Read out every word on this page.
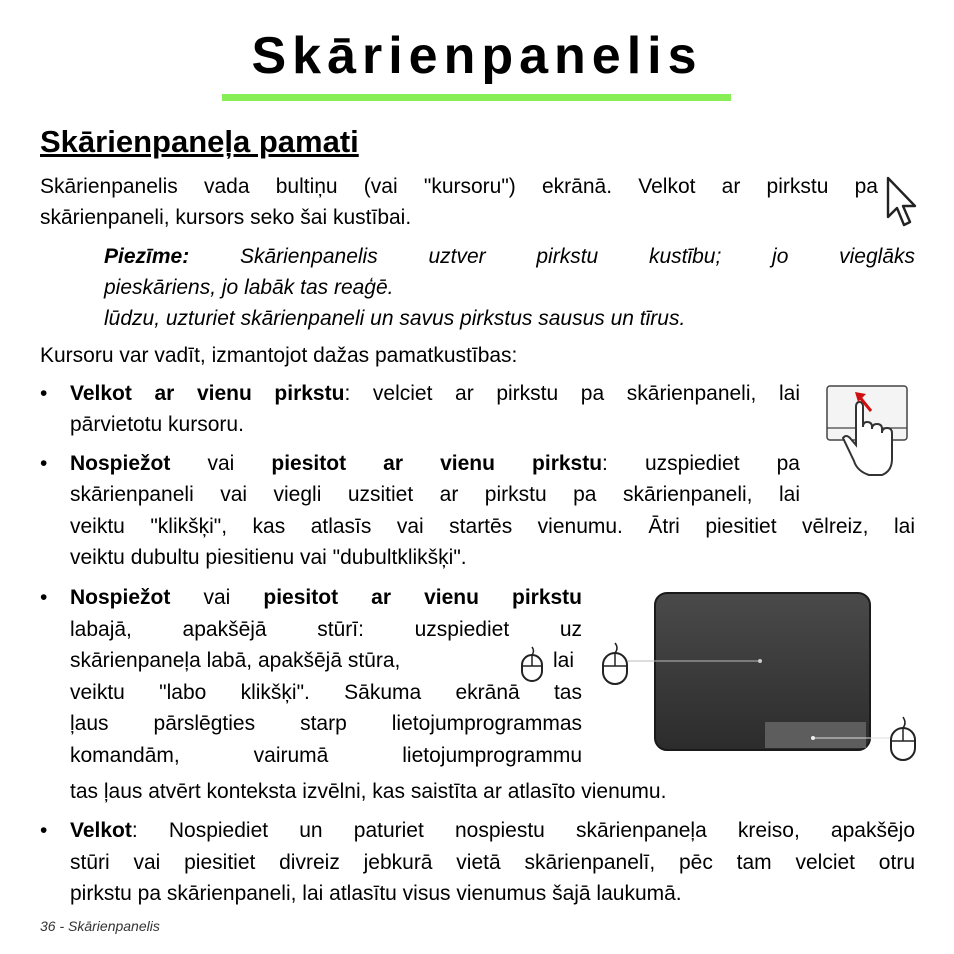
Skārienpanelis
Skārienpaneļa pamati
Skārienpanelis vada bultiņu (vai "kursoru") ekrānā. Velkot ar pirkstu pa
skārienpaneli, kursors seko šai kustībai.
Piezīme: Skārienpanelis uztver pirkstu kustību; jo vieglāks
pieskāriens, jo labāk tas reaģē.
lūdzu, uzturiet skārienpaneli un savus pirkstus sausus un tīrus.
Kursoru var vadīt, izmantojot dažas pamatkustības:
• Velkot ar vienu pirkstu: velciet ar pirkstu pa skārienpaneli, lai
pārvietotu kursoru.
• Nospiežot vai piesitot ar vienu pirkstu: uzspiediet pa
skārienpaneli vai viegli uzsitiet ar pirkstu pa skārienpaneli, lai
veiktu "klikšķi", kas atlasīs vai startēs vienumu. Ātri piesitiet vēlreiz, lai
veiktu dubultu piesitienu vai "dubultklikšķi".
• Nospiežot vai piesitot ar vienu pirkstu
labajā, apakšējā stūrī: uzspiediet uz
skārienpaneļa labā, apakšējā stūra,	lai
veiktu "labo klikšķi". Sākuma ekrānā tas
ļaus pārslēgties starp lietojumprogrammas
komandām, vairumā lietojumprogrammu
tas ļaus atvērt konteksta izvēlni, kas saistīta ar atlasīto vienumu.
• Velkot: Nospiediet un paturiet nospiestu skārienpaneļa kreiso, apakšējo
stūri vai piesitiet divreiz jebkurā vietā skārienpanelī, pēc tam velciet otru
pirkstu pa skārienpaneli, lai atlasītu visus vienumus šajā laukumā.
36 - Skārienpanelis
